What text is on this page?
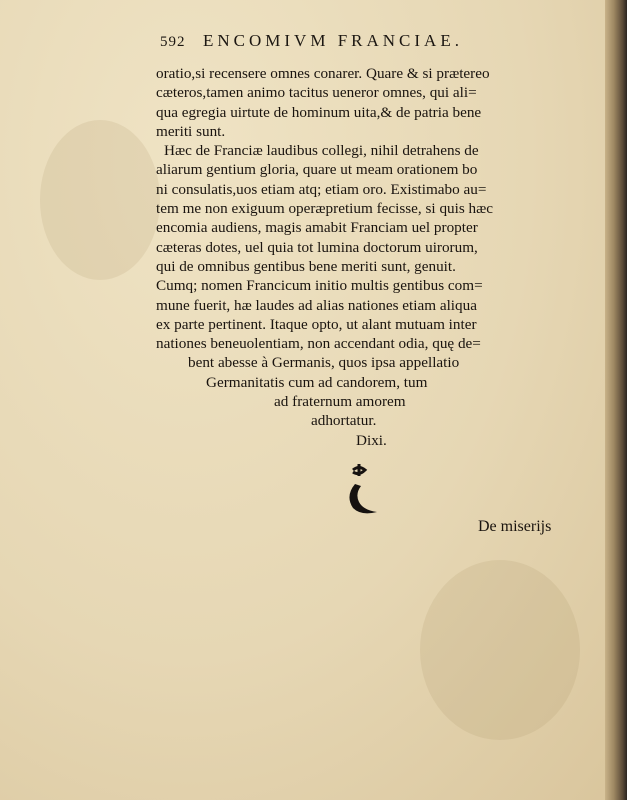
592 ENCOMIVM FRANCIAE.
oratio,si recensere omnes conarer. Quare & si prætereo
cæteros,tamen animo tacitus ueneror omnes, qui ali=
qua egregia uirtute de hominum uita,& de patria bene
meriti sunt.
Hæc de Franciæ laudibus collegi, nihil detrahens de
aliarum gentium gloria, quare ut meam orationem bo
ni consulatis,uos etiam atq; etiam oro. Existimabo au=
tem me non exiguum operæpretium fecisse, si quis hæc
encomia audiens, magis amabit Franciam uel propter
cæteras dotes, uel quia tot lumina doctorum uirorum,
qui de omnibus gentibus bene meriti sunt, genuit.
Cumq; nomen Francicum initio multis gentibus com=
mune fuerit, hæ laudes ad alias nationes etiam aliqua
ex parte pertinent. Itaque opto, ut alant mutuam inter
nationes beneuolentiam, non accendant odia, quę de=
bent abesse à Germanis, quos ipsa appellatio
Germanitatis cum ad candorem, tum
ad fraternum amorem
adhortatur.
Dixi.
De miserijs
